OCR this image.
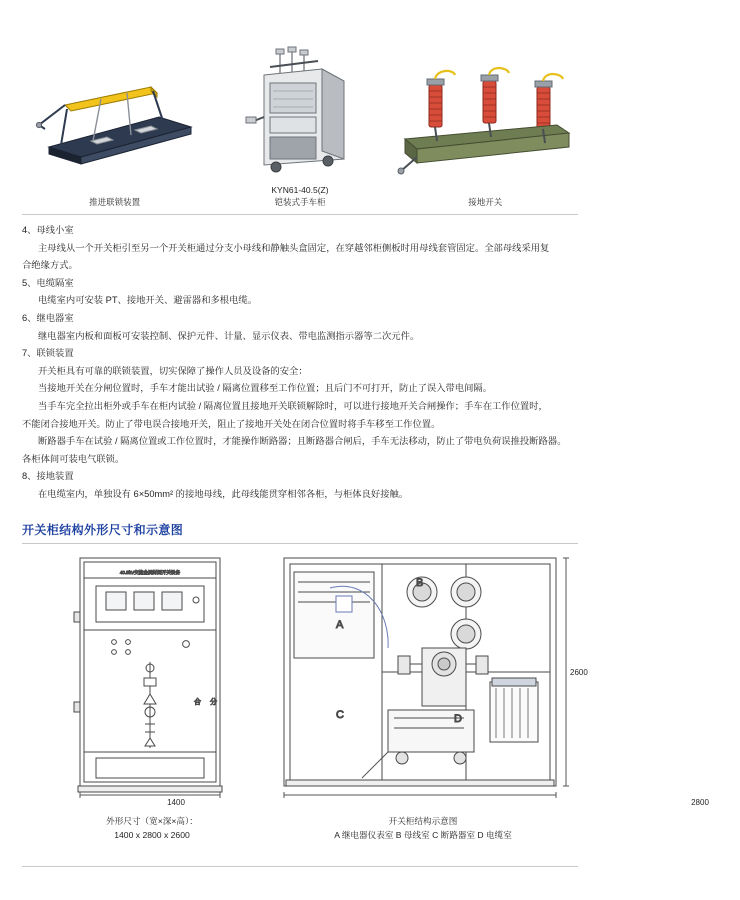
推进联锁装置
KYN61-40.5(Z)
铠装式手车柜	接地开关

4、母线小室

主母线从一个开关柜引至另一个开关柜通过分支小母线和静触头盒固定，在穿越邻柜侧板时用母线套管固定。全部母线采用复

合绝缘方式。

5、电缆隔室

电缆室内可安装 PT、接地开关、避雷器和多根电缆。

6、继电器室

继电器室内板和面板可安装控制、保护元件、计量、显示仪表、带电监测指示器等二次元件。

7、联锁装置

开关柜具有可靠的联锁装置，切实保障了操作人员及设备的安全：

当接地开关在分闸位置时，手车才能出试验 / 隔离位置移至工作位置；且后门不可打开，防止了误入带电间隔。

当手车完全拉出柜外或手车在柜内试验 / 隔离位置且接地开关联锁解除时，可以进行接地开关合闸操作；手车在工作位置时，

不能闭合接地开关。防止了带电误合接地开关，阻止了接地开关处在闭合位置时将手车移至工作位置。

断路器手车在试验 / 隔离位置或工作位置时，才能操作断路器；且断路器合闸后，手车无法移动，防止了带电负荷误推投断路器。

各柜体间可装电气联锁。

8、接地装置

在电缆室内，单独设有 6×50mm² 的接地母线，此母线能贯穿相邻各柜，与柜体良好接触。

开关柜结构外形尺寸和示意图
40.5kV交流金属封闭开关设备
合 分
1400
A
B
C	D
2800
2600
外形尺寸（宽×深×高）：
1400 x 2800 x 2600
开关柜结构示意图
A 继电器仪表室 B 母线室 C 断路器室 D 电缆室
